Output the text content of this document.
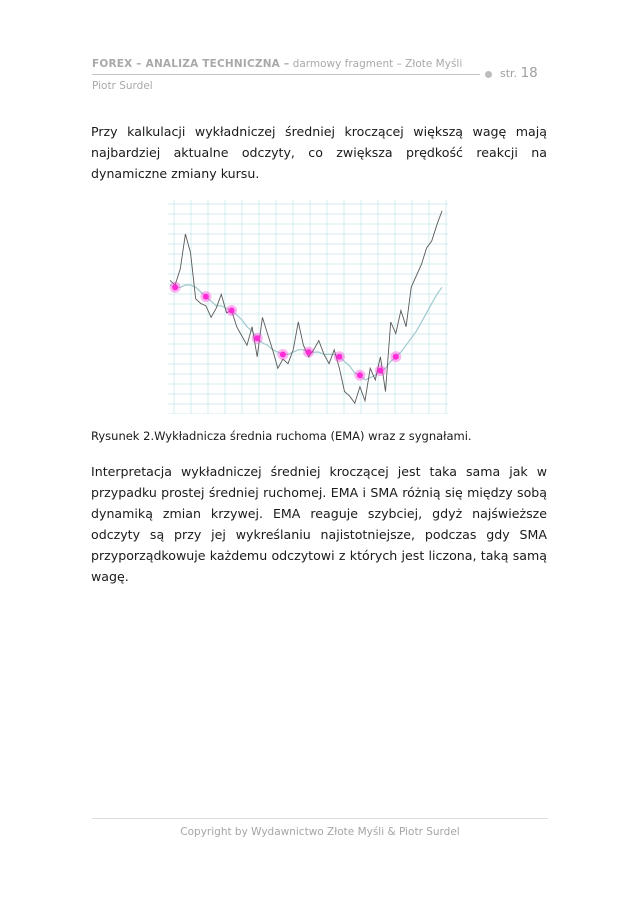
FOREX – ANALIZA TECHNICZNA – darmowy fragment – Złote Myśli
Piotr Surdel
str. 18

Przy kalkulacji wykładniczej średniej kroczącej większą wagę mają najbardziej aktualne odczyty, co zwiększa prędkość reakcji na dynamiczne zmiany kursu.

Rysunek 2.Wykładnicza średnia ruchoma (EMA) wraz z sygnałami.

Interpretacja wykładniczej średniej kroczącej jest taka sama jak w przypadku prostej średniej ruchomej. EMA i SMA różnią się między sobą dynamiką zmian krzywej. EMA reaguje szybciej, gdyż najświeższe odczyty są przy jej wykreślaniu najistotniejsze, podczas gdy SMA przyporządkowuje każdemu odczytowi z których jest liczona, taką samą wagę.

Copyright by Wydawnictwo Złote Myśli & Piotr Surdel
